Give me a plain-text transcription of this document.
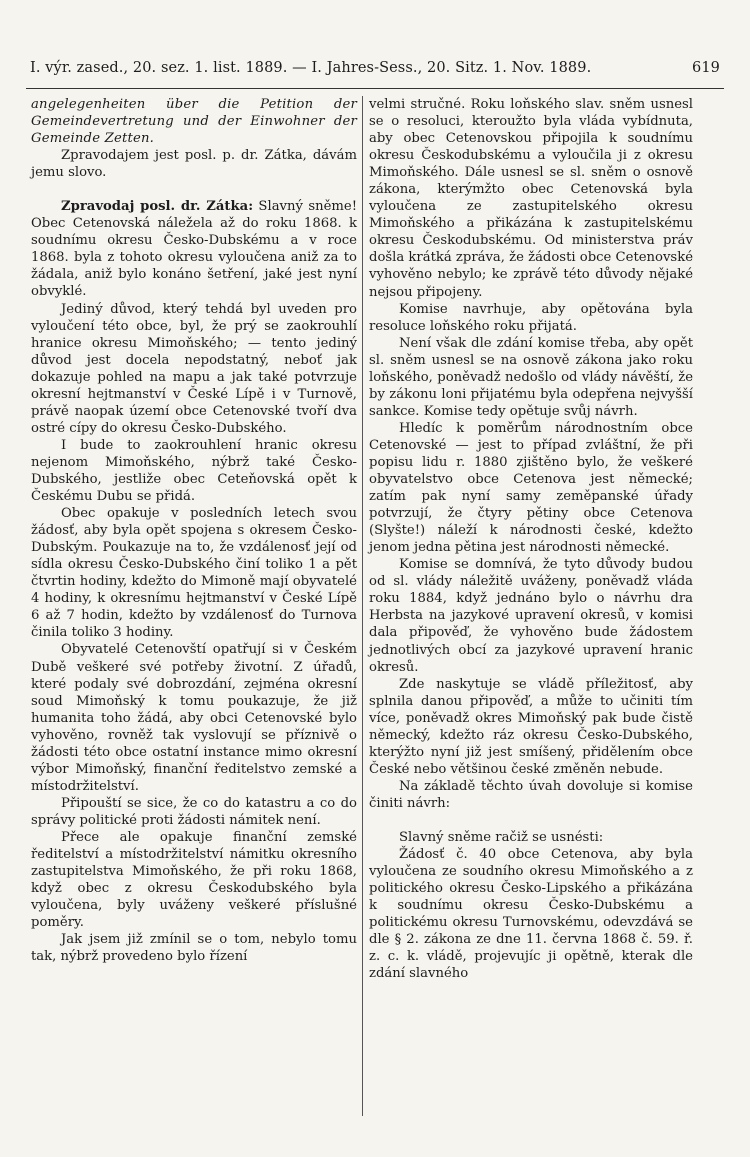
I. výr. zased., 20. sez. 1. list. 1889. — I. Jahres-Sess., 20. Sitz. 1. Nov. 1889.	619

angelegenheiten über die Petition der Gemeindevertretung und der Einwohner der Gemeinde Zetten.

Zpravodajem jest posl. p. dr. Zátka, dávám jemu slovo.

Zpravodaj posl. dr. Zátka: Slavný sněme! Obec Cetenovská náležela až do roku 1868. k soudnímu okresu Česko-Dubskému a v roce 1868. byla z tohoto okresu vyloučena aniž za to žádala, aniž bylo konáno šetření, jaké jest nyní obvyklé.

Jediný důvod, který tehdá byl uveden pro vyloučení této obce, byl, že prý se zaokrouhlí hranice okresu Mimoňského; — tento jediný důvod jest docela nepodstatný, neboť jak dokazuje pohled na mapu a jak také potvrzuje okresní hejtmanství v České Lípě i v Turnově, právě naopak území obce Cetenovské tvoří dva ostré cípy do okresu Česko-Dubského.

I bude to zaokrouhlení hranic okresu nejenom Mimoňského, nýbrž také Česko-Dubského, jestliže obec Ceteňovská opět k Českému Dubu se přidá.

Obec opakuje v posledních letech svou žádosť, aby byla opět spojena s okresem Česko-Dubským. Poukazuje na to, že vzdálenosť její od sídla okresu Česko-Dubského činí toliko 1 a pět čtvrtin hodiny, kdežto do Mimoně mají obyvatelé 4 hodiny, k okresnímu hejtmanství v České Lípě 6 až 7 hodin, kdežto by vzdálenosť do Turnova činila toliko 3 hodiny.

Obyvatelé Cetenovští opatřují si v Českém Dubě veškeré své potřeby životní. Z úřadů, které podaly své dobrozdání, zejména okresní soud Mimoňský k tomu poukazuje, že již humanita toho žádá, aby obci Cetenovské bylo vyhověno, rovněž tak vyslovují se příznivě o žádosti této obce ostatní instance mimo okresní výbor Mimoňský, finanční ředitelstvo zemské a místodržitelství.

Připouští se sice, že co do katastru a co do správy politické proti žádosti námitek není.

Přece ale opakuje finanční zemské ředitelství a místodržitelství námitku okresního zastupitelstva Mimoňského, že při roku 1868, když obec z okresu Českodubského byla vyloučena, byly uváženy veškeré příslušné poměry.

Jak jsem již zmínil se o tom, nebylo tomu tak, nýbrž provedeno bylo řízení

velmi stručné. Roku loňského slav. sněm usnesl se o resoluci, kteroužto byla vláda vybídnuta, aby obec Cetenovskou připojila k soudnímu okresu Českodubskému a vyloučila ji z okresu Mimoňského. Dále usnesl se sl. sněm o osnově zákona, kterýmžto obec Cetenovská byla vyloučena ze zastupitelského okresu Mimoňského a přikázána k zastupitelskému okresu Českodubskému. Od ministerstva práv došla krátká zpráva, že žádosti obce Cetenovské vyhověno nebylo; ke zprávě této důvody nějaké nejsou připojeny.

Komise navrhuje, aby opětována byla resoluce loňského roku přijatá.

Není však dle zdání komise třeba, aby opět sl. sněm usnesl se na osnově zákona jako roku loňského, poněvadž nedošlo od vlády návěští, že by zákonu loni přijatému byla odepřena nejvyšší sankce. Komise tedy opětuje svůj návrh.

Hledíc k poměrům národnostním obce Cetenovské — jest to případ zvláštní, že při popisu lidu r. 1880 zjištěno bylo, že veškeré obyvatelstvo obce Cetenova jest německé; zatím pak nyní samy zeměpanské úřady potvrzují, že čtyry pětiny obce Cetenova (Slyšte!) náleží k národnosti české, kdežto jenom jedna pětina jest národnosti německé.

Komise se domnívá, že tyto důvody budou od sl. vlády náležitě uváženy, poněvadž vláda roku 1884, když jednáno bylo o návrhu dra Herbsta na jazykové upravení okresů, v komisi dala připověď, že vyhověno bude žádostem jednotlivých obcí za jazykové upravení hranic okresů.

Zde naskytuje se vládě příležitosť, aby splnila danou připověď, a může to učiniti tím více, poněvadž okres Mimoňský pak bude čistě německý, kdežto ráz okresu Česko-Dubského, kterýžto nyní již jest smíšený, přidělením obce České nebo většinou české změněn nebude.

Na základě těchto úvah dovoluje si komise činiti návrh:

Slavný sněme račiž se usnésti:

Žádosť č. 40 obce Cetenova, aby byla vyloučena ze soudního okresu Mimoňského a z politického okresu Česko-Lipského a přikázána k soudnímu okresu Česko-Dubskému a politickému okresu Turnovskému, odevzdává se dle § 2. zákona ze dne 11. června 1868 č. 59. ř. z. c. k. vládě, projevujíc ji opětně, kterak dle zdání slavného
